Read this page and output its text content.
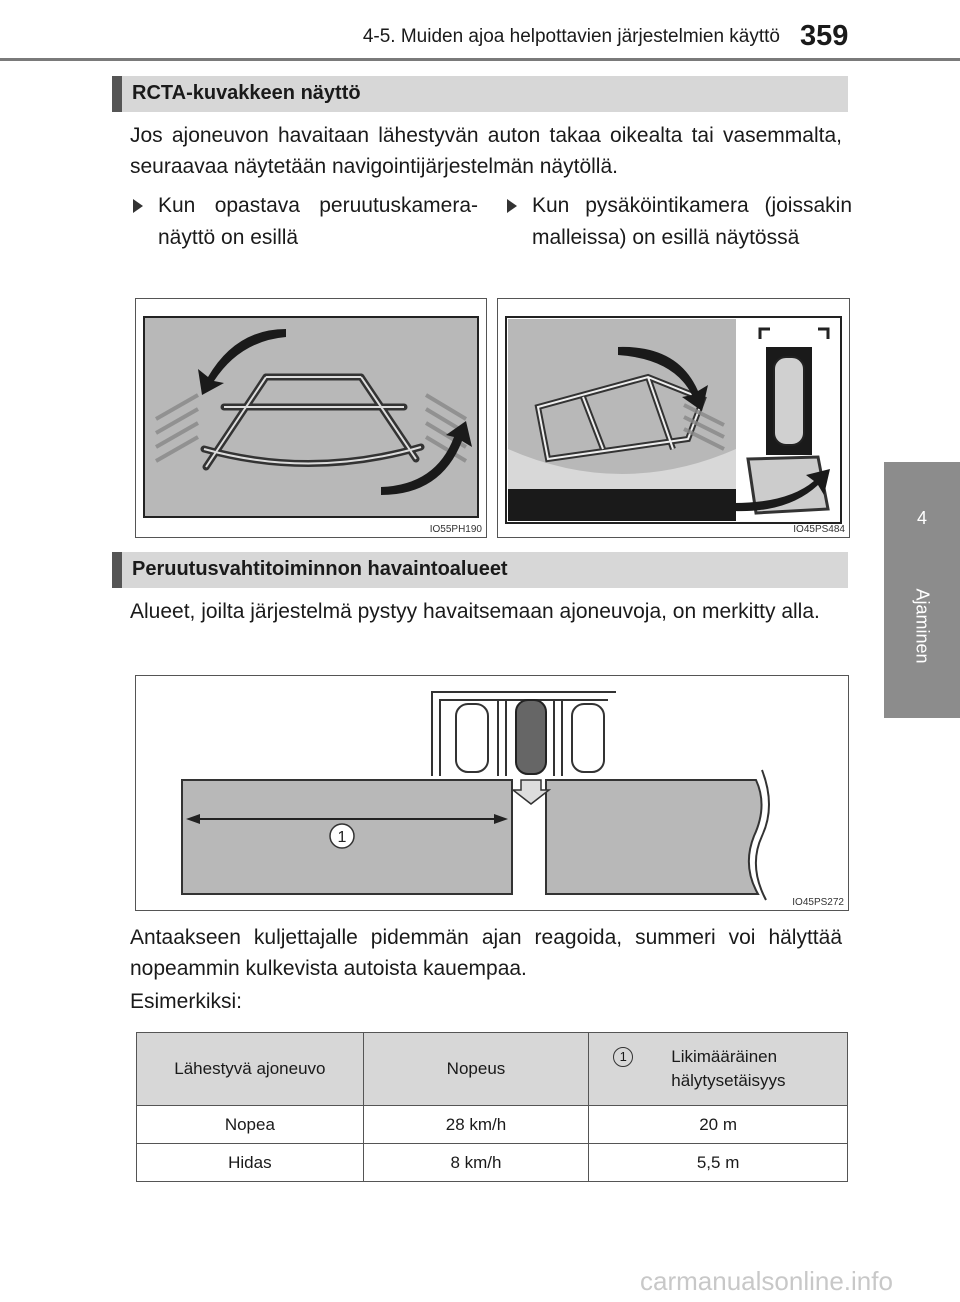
4-5. Muiden ajoa helpottavien järjestelmien käyttö 359
4
Ajaminen
RCTA-kuvakkeen näyttö
Jos ajoneuvon havaitaan lähestyvän auton takaa oikealta tai vasemmalta, seuraavaa näytetään navigointijärjestelmän näytöllä.
Kun opastava peruutuskamera-näyttö on esillä
Kun pysäköintikamera (joissakin malleissa) on esillä näytössä
IO55PH190	IO45PS484
Peruutusvahtitoiminnon havaintoalueet
Alueet, joilta järjestelmä pystyy havaitsemaan ajoneuvoja, on merkitty alla.
1
IO45PS272
Antaakseen kuljettajalle pidemmän ajan reagoida, summeri voi hälyttää nopeammin kulkevista autoista kauempaa.
Esimerkiksi:
Lähestyvä ajoneuvo	Nopeus	1 Likimääräinen hälytysetäisyys

Nopea	28 km/h	20 m
Hidas	8 km/h	5,5 m
carmanualsonline.info
